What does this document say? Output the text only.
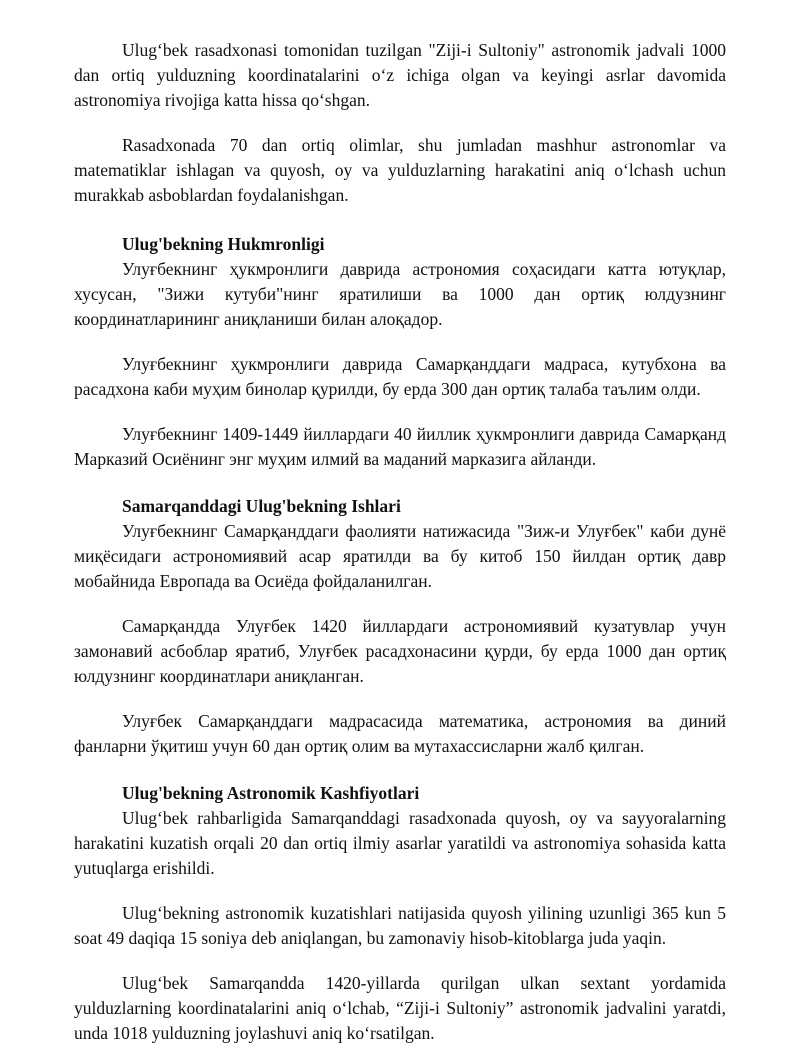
Ulug‘bek rasadxonasi tomonidan tuzilgan "Ziji-i Sultoniy" astronomik jadvali 1000 dan ortiq yulduzning koordinatalarini o‘z ichiga olgan va keyingi asrlar davomida astronomiya rivojiga katta hissa qo‘shgan.

Rasadxonada 70 dan ortiq olimlar, shu jumladan mashhur astronomlar va matematiklar ishlagan va quyosh, oy va yulduzlarning harakatini aniq o‘lchash uchun murakkab asboblardan foydalanishgan.

Ulug'bekning Hukmronligi

Улуғбекнинг ҳукмронлиги даврида астрономия соҳасидаги катта ютуқлар, хусусан, "Зижи кутуби"нинг яратилиши ва 1000 дан ортиқ юлдузнинг координатларининг аниқланиши билан алоқадор.

Улуғбекнинг ҳукмронлиги даврида Самарқанддаги мадраса, кутубхона ва расадхона каби муҳим бинолар қурилди, бу ерда 300 дан ортиқ талаба таълим олди.

Улуғбекнинг 1409-1449 йиллардаги 40 йиллик ҳукмронлиги даврида Самарқанд Марказий Осиёнинг энг муҳим илмий ва маданий марказига айланди.

Samarqanddagi Ulug'bekning Ishlari

Улуғбекнинг Самарқанддаги фаолияти натижасида "Зиж-и Улуғбек" каби дунё миқёсидаги астрономиявий асар яратилди ва бу китоб 150 йилдан ортиқ давр мобайнида Европада ва Осиёда фойдаланилган.

Самарқандда Улуғбек 1420 йиллардаги астрономиявий кузатувлар учун замонавий асбоблар яратиб, Улуғбек расадхонасини қурди, бу ерда 1000 дан ортиқ юлдузнинг координатлари аниқланган.

Улуғбек Самарқанддаги мадрасасида математика, астрономия ва диний фанларни ўқитиш учун 60 дан ортиқ олим ва мутахассисларни жалб қилган.

Ulug'bekning Astronomik Kashfiyotlari

Ulug‘bek rahbarligida Samarqanddagi rasadxonada quyosh, oy va sayyoralarning harakatini kuzatish orqali 20 dan ortiq ilmiy asarlar yaratildi va astronomiya sohasida katta yutuqlarga erishildi.

Ulug‘bekning astronomik kuzatishlari natijasida quyosh yilining uzunligi 365 kun 5 soat 49 daqiqa 15 soniya deb aniqlangan, bu zamonaviy hisob-kitoblarga juda yaqin.

Ulug‘bek Samarqandda 1420-yillarda qurilgan ulkan sextant yordamida yulduzlarning koordinatalarini aniq o‘lchab, “Ziji-i Sultoniy” astronomik jadvalini yaratdi, unda 1018 yulduzning joylashuvi aniq ko‘rsatilgan.
